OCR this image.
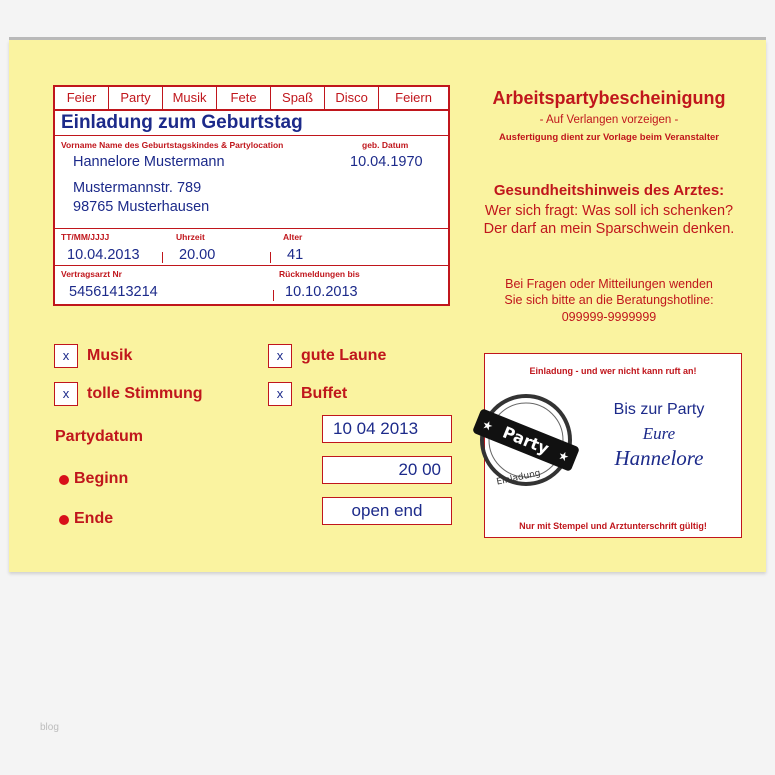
Feier	Party	Musik	Fete	Spaß	Disco	Feiern
Einladung zum Geburtstag
Vorname Name des Geburtstagskindes & Partylocation	geb. Datum
Hannelore Mustermann	10.04.1970
Mustermannstr. 789
98765 Musterhausen
TT/MM/JJJJ	Uhrzeit	Alter
10.04.2013	20.00	41
Vertragsarzt Nr	Rückmeldungen bis
54561413214	10.10.2013
Arbeitspartybescheinigung
- Auf Verlangen vorzeigen -
Ausfertigung dient zur Vorlage beim Veranstalter
Gesundheitshinweis des Arztes:
Wer sich fragt: Was soll ich schenken?
Der darf an mein Sparschwein denken.
Bei Fragen oder Mitteilungen wenden
Sie sich bitte an die Beratungshotline:
099999-9999999
x	Musik	x	gute Laune
x	tolle Stimmung	x	Buffet
Partydatum	10 04 2013
Beginn	20 00
Ende	open end
Einladung - und wer nicht kann ruft an!
Party
★
★
Einladung
Bis zur Party
Eure
Hannelore
Nur mit Stempel und Arztunterschrift gültig!
blog
